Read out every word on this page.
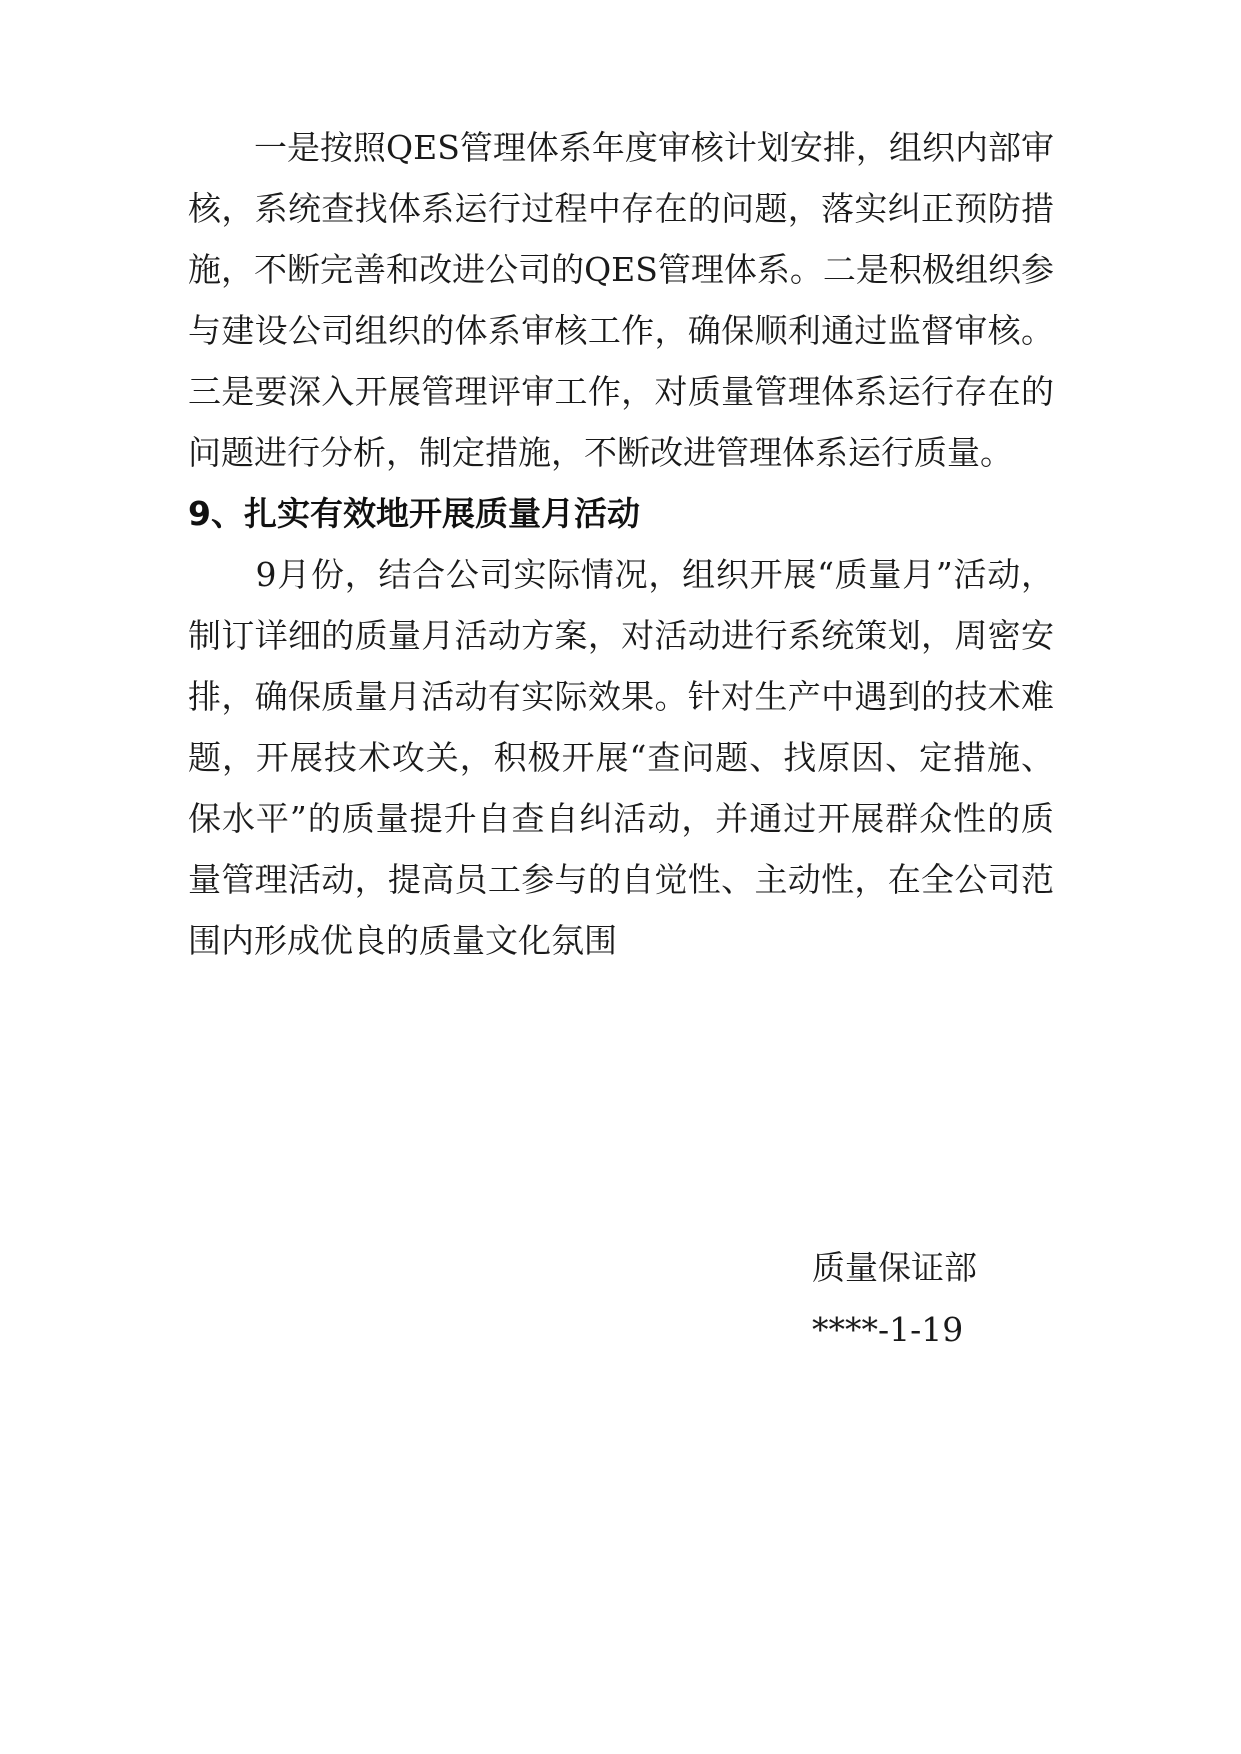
　　一是按照QES管理体系年度审核计划安排，组织内部审
核，系统查找体系运行过程中存在的问题，落实纠正预防措
施，不断完善和改进公司的QES管理体系。二是积极组织参
与建设公司组织的体系审核工作，确保顺利通过监督审核。
三是要深入开展管理评审工作，对质量管理体系运行存在的
问题进行分析，制定措施，不断改进管理体系运行质量。
9、扎实有效地开展质量月活动
　　9月份，结合公司实际情况，组织开展“质量月”活动，
制订详细的质量月活动方案，对活动进行系统策划，周密安
排，确保质量月活动有实际效果。针对生产中遇到的技术难
题，开展技术攻关，积极开展“查问题、找原因、定措施、
保水平”的质量提升自查自纠活动，并通过开展群众性的质
量管理活动，提高员工参与的自觉性、主动性，在全公司范
围内形成优良的质量文化氛围
质量保证部
****-1-19
